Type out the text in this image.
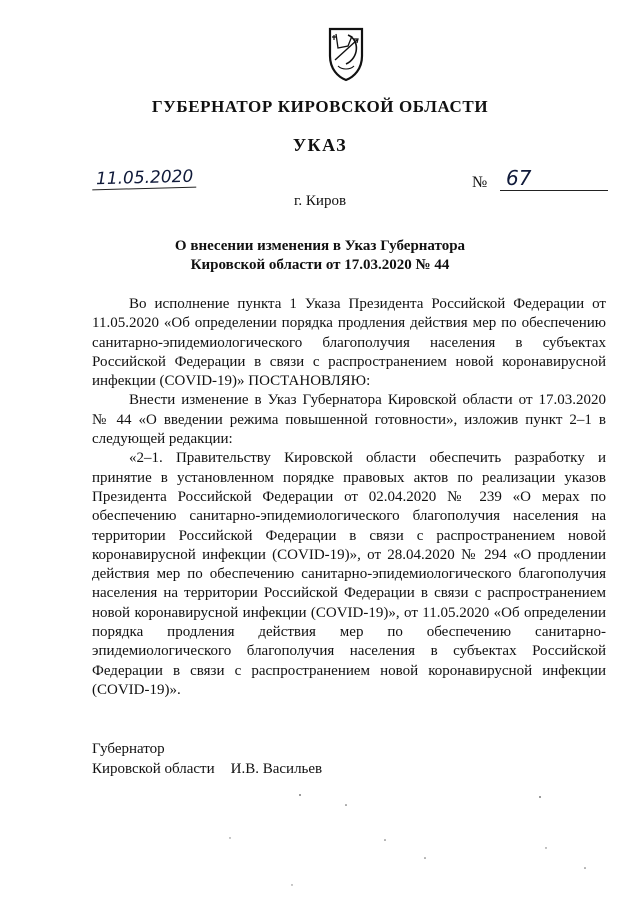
ГУБЕРНАТОР КИРОВСКОЙ ОБЛАСТИ
УКАЗ
11.05.2020	№ 67
г. Киров
О внесении изменения в Указ Губернатора
Кировской области от 17.03.2020 № 44

Во исполнение пункта 1 Указа Президента Российской Федерации от 11.05.2020 «Об определении порядка продления действия мер по обеспечению санитарно-эпидемиологического благополучия населения в субъектах Российской Федерации в связи с распространением новой коронавирусной инфекции (COVID-19)» ПОСТАНОВЛЯЮ:

Внести изменение в Указ Губернатора Кировской области от 17.03.2020 № 44 «О введении режима повышенной готовности», изложив пункт 2–1 в следующей редакции:

«2–1. Правительству Кировской области обеспечить разработку и принятие в установленном порядке правовых актов по реализации указов Президента Российской Федерации от 02.04.2020 № 239 «О мерах по обеспечению санитарно-эпидемиологического благополучия населения на территории Российской Федерации в связи с распространением новой коронавирусной инфекции (COVID-19)», от 28.04.2020 № 294 «О продлении действия мер по обеспечению санитарно-эпидемиологического благополучия населения на территории Российской Федерации в связи с распространением новой коронавирусной инфекции (COVID-19)», от 11.05.2020 «Об определении порядка продления действия мер по обеспечению санитарно-эпидемиологического благополучия населения в субъектах Российской Федерации в связи с распространением новой коронавирусной инфекции (COVID-19)».

Губернатор
Кировской области И.В. Васильев
